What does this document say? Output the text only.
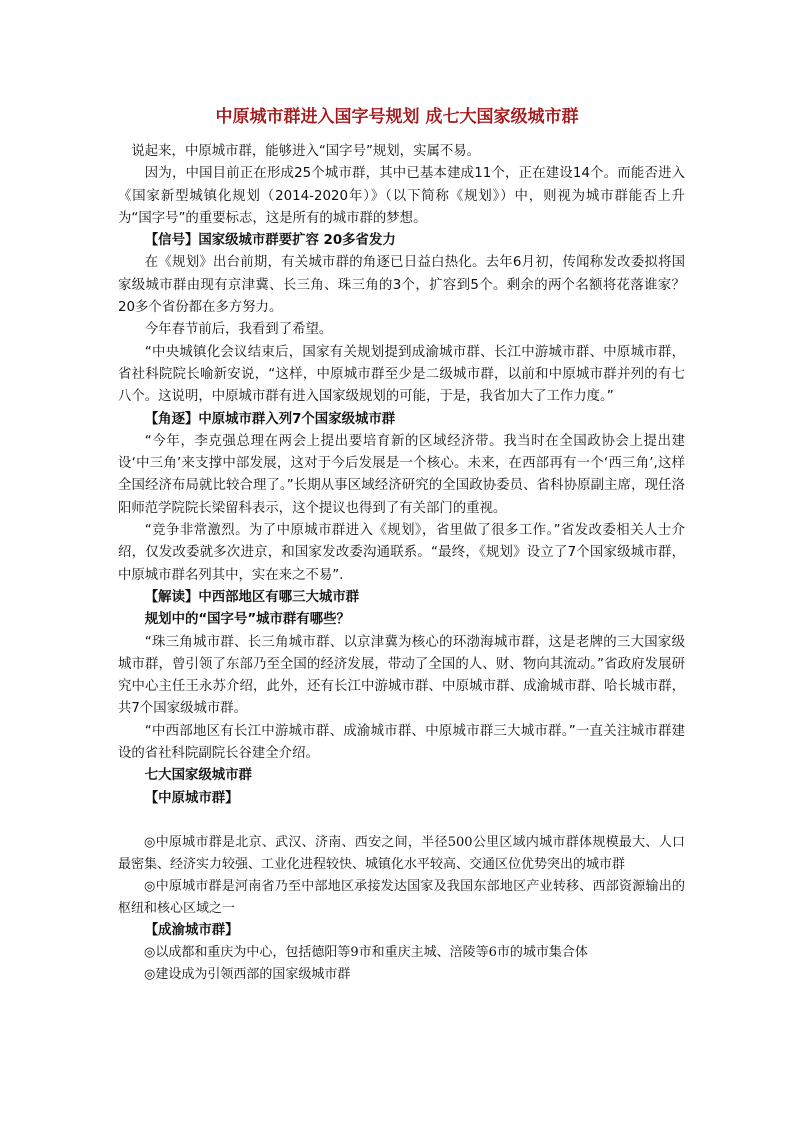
中原城市群进入国字号规划 成七大国家级城市群

说起来，中原城市群，能够进入“国字号”规划，实属不易。

因为，中国目前正在形成25个城市群，其中已基本建成11个，正在建设14个。而能否进入《国家新型城镇化规划（2014-2020年）》（以下简称《规划》）中，则视为城市群能否上升为“国字号”的重要标志，这是所有的城市群的梦想。

【信号】国家级城市群要扩容 20多省发力

在《规划》出台前期，有关城市群的角逐已日益白热化。去年6月初，传闻称发改委拟将国家级城市群由现有京津冀、长三角、珠三角的3个，扩容到5个。剩余的两个名额将花落谁家？20多个省份都在多方努力。

今年春节前后，我看到了希望。

“中央城镇化会议结束后，国家有关规划提到成渝城市群、长江中游城市群、中原城市群，省社科院院长喻新安说，“这样，中原城市群至少是二级城市群，以前和中原城市群并列的有七八个。这说明，中原城市群有进入国家级规划的可能，于是，我省加大了工作力度。”

【角逐】中原城市群入列7个国家级城市群

“今年，李克强总理在两会上提出要培育新的区域经济带。我当时在全国政协会上提出建设‘中三角’来支撑中部发展，这对于今后发展是一个核心。未来，在西部再有一个‘西三角’,这样全国经济布局就比较合理了。”长期从事区域经济研究的全国政协委员、省科协原副主席，现任洛阳师范学院院长梁留科表示，这个提议也得到了有关部门的重视。

“竞争非常激烈。为了中原城市群进入《规划》，省里做了很多工作。”省发改委相关人士介绍，仅发改委就多次进京，和国家发改委沟通联系。“最终，《规划》设立了7个国家级城市群，中原城市群名列其中，实在来之不易”.

【解读】中西部地区有哪三大城市群

规划中的“国字号”城市群有哪些？

“珠三角城市群、长三角城市群、以京津冀为核心的环渤海城市群，这是老牌的三大国家级城市群，曾引领了东部乃至全国的经济发展，带动了全国的人、财、物向其流动。”省政府发展研究中心主任王永苏介绍，此外，还有长江中游城市群、中原城市群、成渝城市群、哈长城市群，共7个国家级城市群。

“中西部地区有长江中游城市群、成渝城市群、中原城市群三大城市群。”一直关注城市群建设的省社科院副院长谷建全介绍。

七大国家级城市群

【中原城市群】

◎中原城市群是北京、武汉、济南、西安之间，半径500公里区域内城市群体规模最大、人口最密集、经济实力较强、工业化进程较快、城镇化水平较高、交通区位优势突出的城市群

◎中原城市群是河南省乃至中部地区承接发达国家及我国东部地区产业转移、西部资源输出的枢纽和核心区域之一

【成渝城市群】

◎以成都和重庆为中心，包括德阳等9市和重庆主城、涪陵等6市的城市集合体

◎建设成为引领西部的国家级城市群
